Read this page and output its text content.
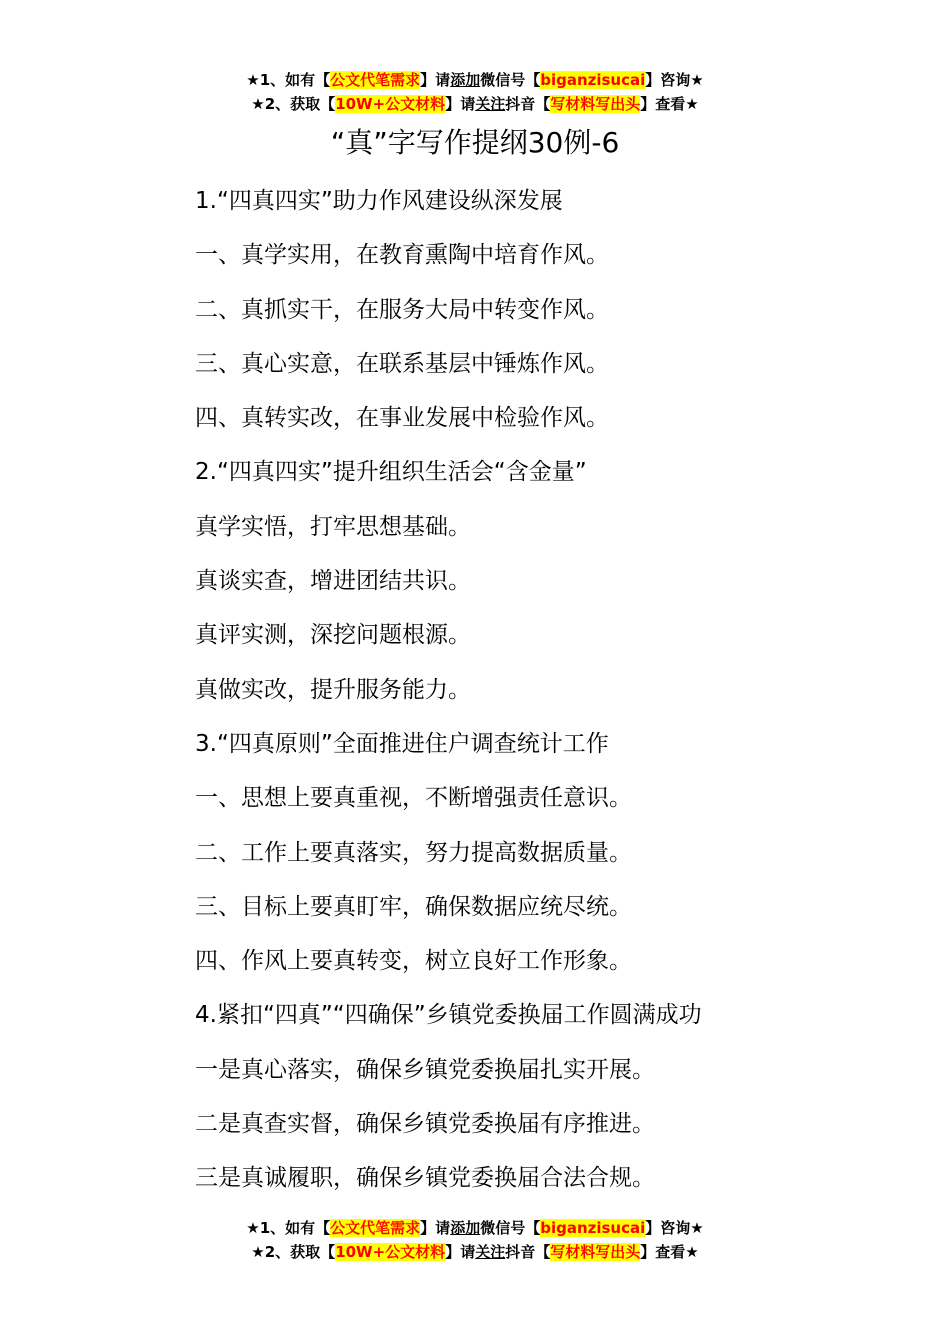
★1、如有【公文代笔需求】请添加微信号【biganzisucai】咨询★
★2、获取【10W+公文材料】请关注抖音【写材料写出头】查看★
“真”字写作提纲30例-6
1.“四真四实”助力作风建设纵深发展
一、真学实用，在教育熏陶中培育作风。
二、真抓实干，在服务大局中转变作风。
三、真心实意，在联系基层中锤炼作风。
四、真转实改，在事业发展中检验作风。
2.“四真四实”提升组织生活会“含金量”
真学实悟，打牢思想基础。
真谈实查，增进团结共识。
真评实测，深挖问题根源。
真做实改，提升服务能力。
3.“四真原则”全面推进住户调查统计工作
一、思想上要真重视，不断增强责任意识。
二、工作上要真落实，努力提高数据质量。
三、目标上要真盯牢，确保数据应统尽统。
四、作风上要真转变，树立良好工作形象。
4.紧扣“四真”“四确保”乡镇党委换届工作圆满成功
一是真心落实，确保乡镇党委换届扎实开展。
二是真查实督，确保乡镇党委换届有序推进。
三是真诚履职，确保乡镇党委换届合法合规。
★1、如有【公文代笔需求】请添加微信号【biganzisucai】咨询★
★2、获取【10W+公文材料】请关注抖音【写材料写出头】查看★
